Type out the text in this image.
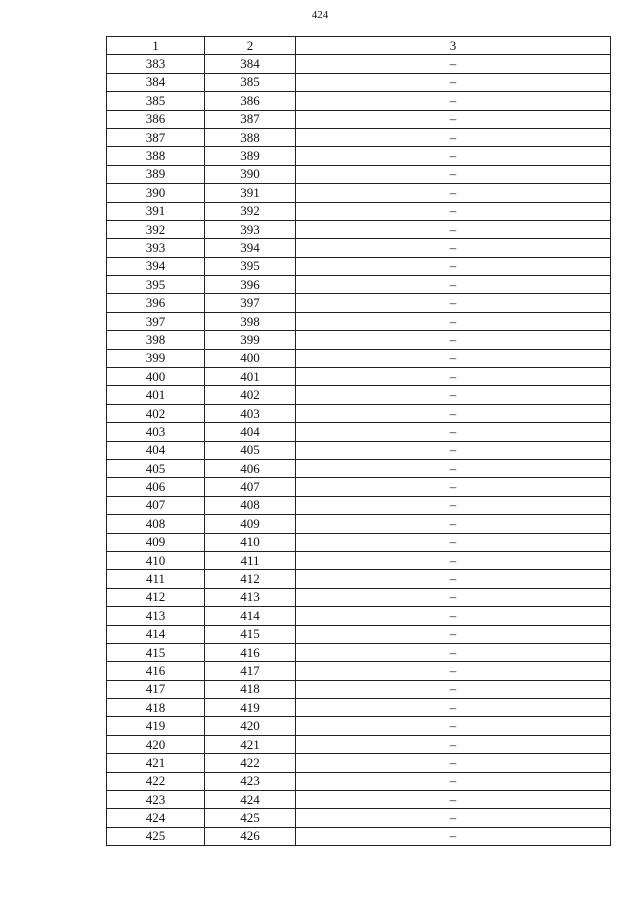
424
1	2	3
383	384	–
384	385	–
385	386	–
386	387	–
387	388	–
388	389	–
389	390	–
390	391	–
391	392	–
392	393	–
393	394	–
394	395	–
395	396	–
396	397	–
397	398	–
398	399	–
399	400	–
400	401	–
401	402	–
402	403	–
403	404	–
404	405	–
405	406	–
406	407	–
407	408	–
408	409	–
409	410	–
410	411	–
411	412	–
412	413	–
413	414	–
414	415	–
415	416	–
416	417	–
417	418	–
418	419	–
419	420	–
420	421	–
421	422	–
422	423	–
423	424	–
424	425	–
425	426	–
